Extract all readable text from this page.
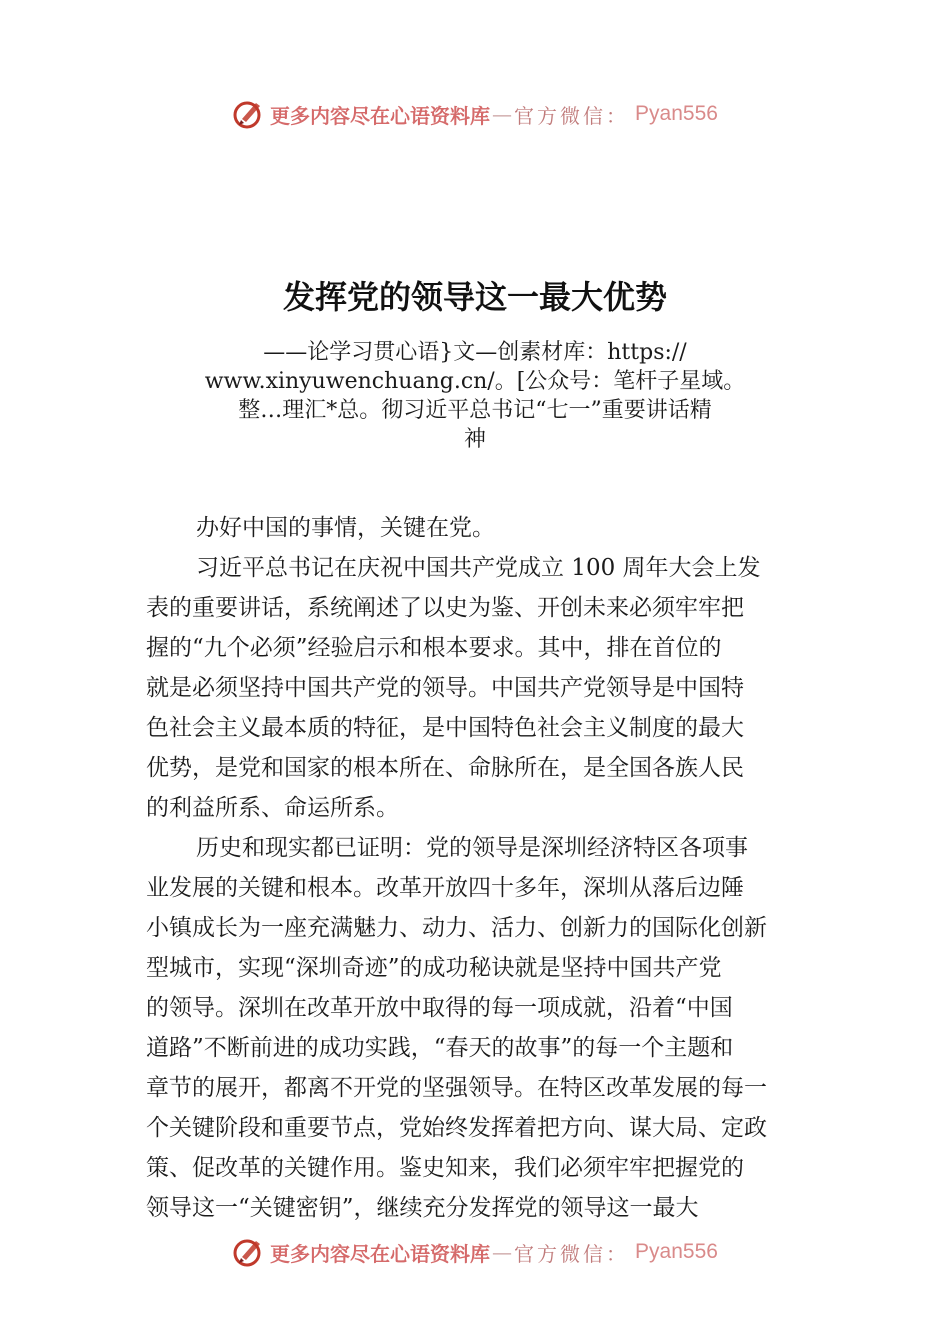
更多内容尽在心语资料库 — 官方微信： Pyan556
发挥党的领导这一最大优势
——论学习贯心语}文—创素材库：https://
www.xinyuwenchuang.cn/。[公众号：笔杆子星域。
整…理汇*总。彻习近平总书记“七一”重要讲话精
神
办好中国的事情，关键在党。
习近平总书记在庆祝中国共产党成立 100 周年大会上发
表的重要讲话，系统阐述了以史为鉴、开创未来必须牢牢把
握的“九个必须”经验启示和根本要求。其中，排在首位的
就是必须坚持中国共产党的领导。中国共产党领导是中国特
色社会主义最本质的特征，是中国特色社会主义制度的最大
优势，是党和国家的根本所在、命脉所在，是全国各族人民
的利益所系、命运所系。
历史和现实都已证明：党的领导是深圳经济特区各项事
业发展的关键和根本。改革开放四十多年，深圳从落后边陲
小镇成长为一座充满魅力、动力、活力、创新力的国际化创新
型城市，实现“深圳奇迹”的成功秘诀就是坚持中国共产党
的领导。深圳在改革开放中取得的每一项成就，沿着“中国
道路”不断前进的成功实践，“春天的故事”的每一个主题和
章节的展开，都离不开党的坚强领导。在特区改革发展的每一
个关键阶段和重要节点，党始终发挥着把方向、谋大局、定政
策、促改革的关键作用。鉴史知来，我们必须牢牢把握党的
领导这一“关键密钥”，继续充分发挥党的领导这一最大
更多内容尽在心语资料库 — 官方微信： Pyan556
